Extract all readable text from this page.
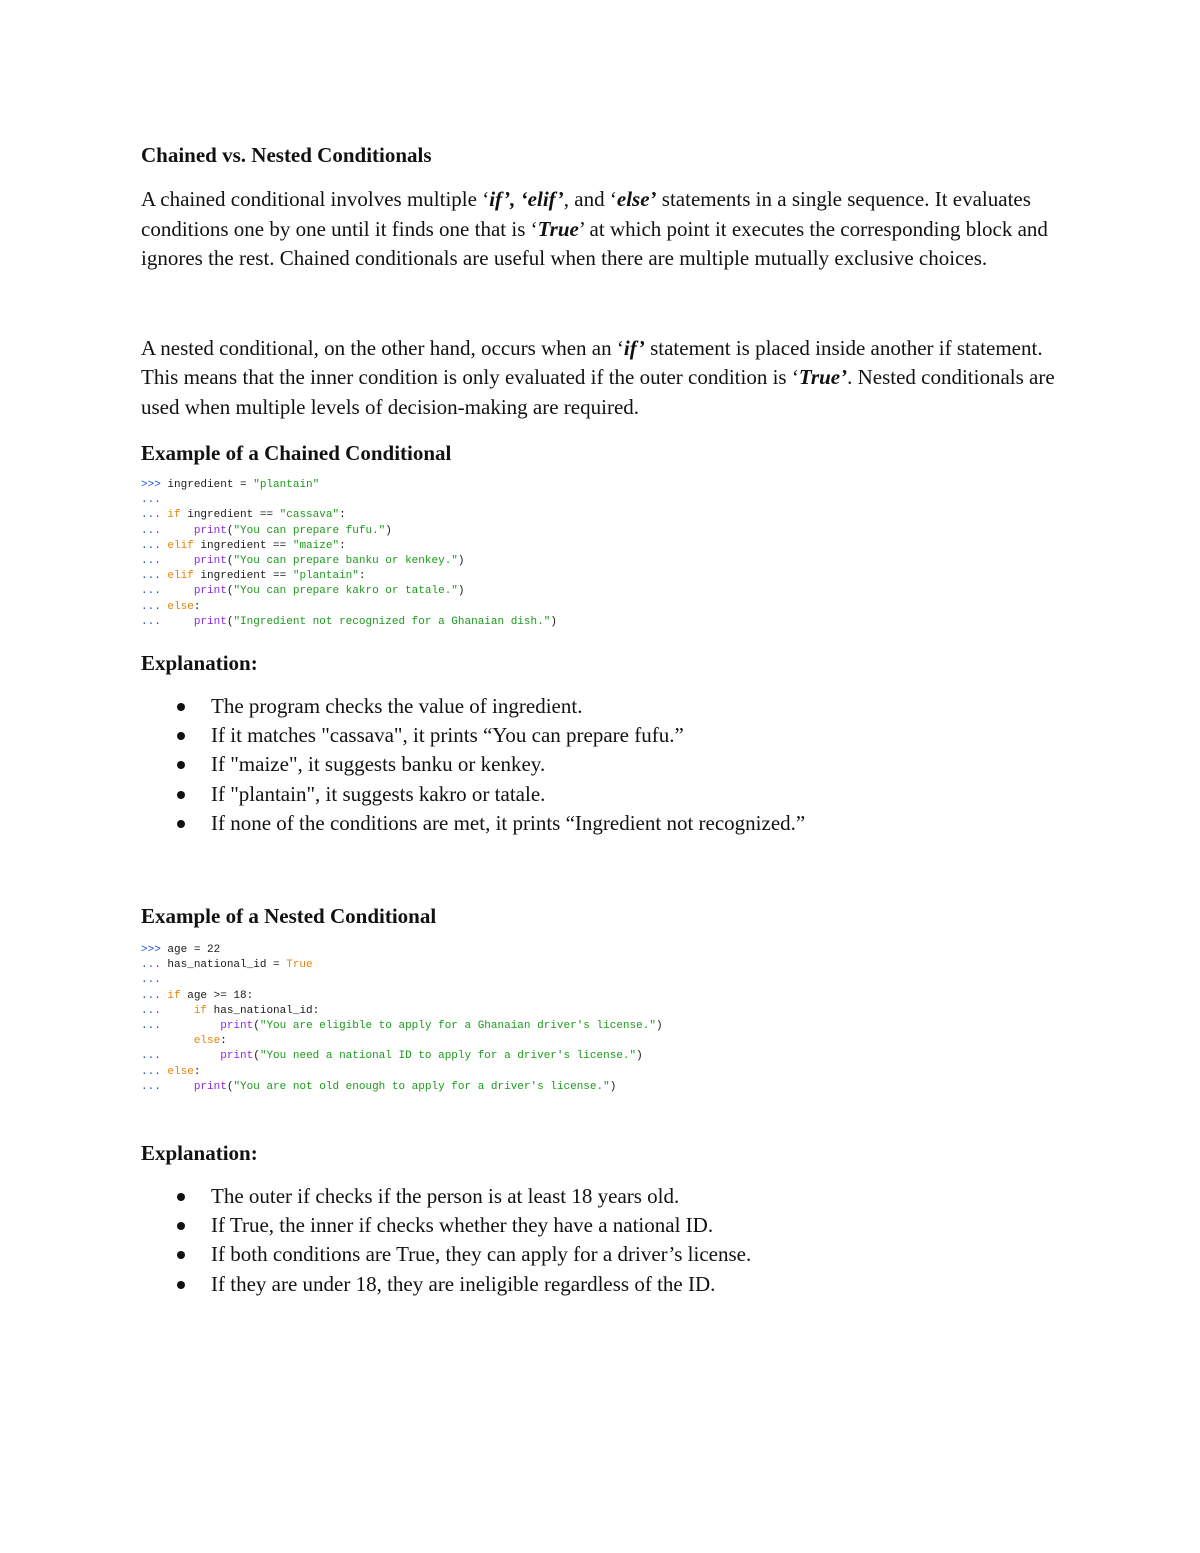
Chained vs. Nested Conditionals

A chained conditional involves multiple ‘if’, ‘elif’, and ‘else’ statements in a single sequence. It evaluates conditions one by one until it finds one that is ‘True’ at which point it executes the corresponding block and ignores the rest. Chained conditionals are useful when there are multiple mutually exclusive choices.

A nested conditional, on the other hand, occurs when an ‘if’ statement is placed inside another if statement. This means that the inner condition is only evaluated if the outer condition is ‘True’. Nested conditionals are used when multiple levels of decision-making are required.

Example of a Chained Conditional
>>> ingredient = "plantain"
...
... if ingredient == "cassava":
...	print("You can prepare fufu.")
... elif ingredient == "maize":
...	print("You can prepare banku or kenkey.")
... elif ingredient == "plantain":
...	print("You can prepare kakro or tatale.")
... else:
...	print("Ingredient not recognized for a Ghanaian dish.")
Explanation:
The program checks the value of ingredient.
If it matches "cassava", it prints “You can prepare fufu.”
If "maize", it suggests banku or kenkey.
If "plantain", it suggests kakro or tatale.
If none of the conditions are met, it prints “Ingredient not recognized.”
Example of a Nested Conditional
>>> age = 22
... has_national_id = True
...
... if age >= 18:
...	if has_national_id:
...	print("You are eligible to apply for a Ghanaian driver's license.")
else:
...	print("You need a national ID to apply for a driver's license.")
... else:
...	print("You are not old enough to apply for a driver's license.")
Explanation:
The outer if checks if the person is at least 18 years old.
If True, the inner if checks whether they have a national ID.
If both conditions are True, they can apply for a driver’s license.
If they are under 18, they are ineligible regardless of the ID.
